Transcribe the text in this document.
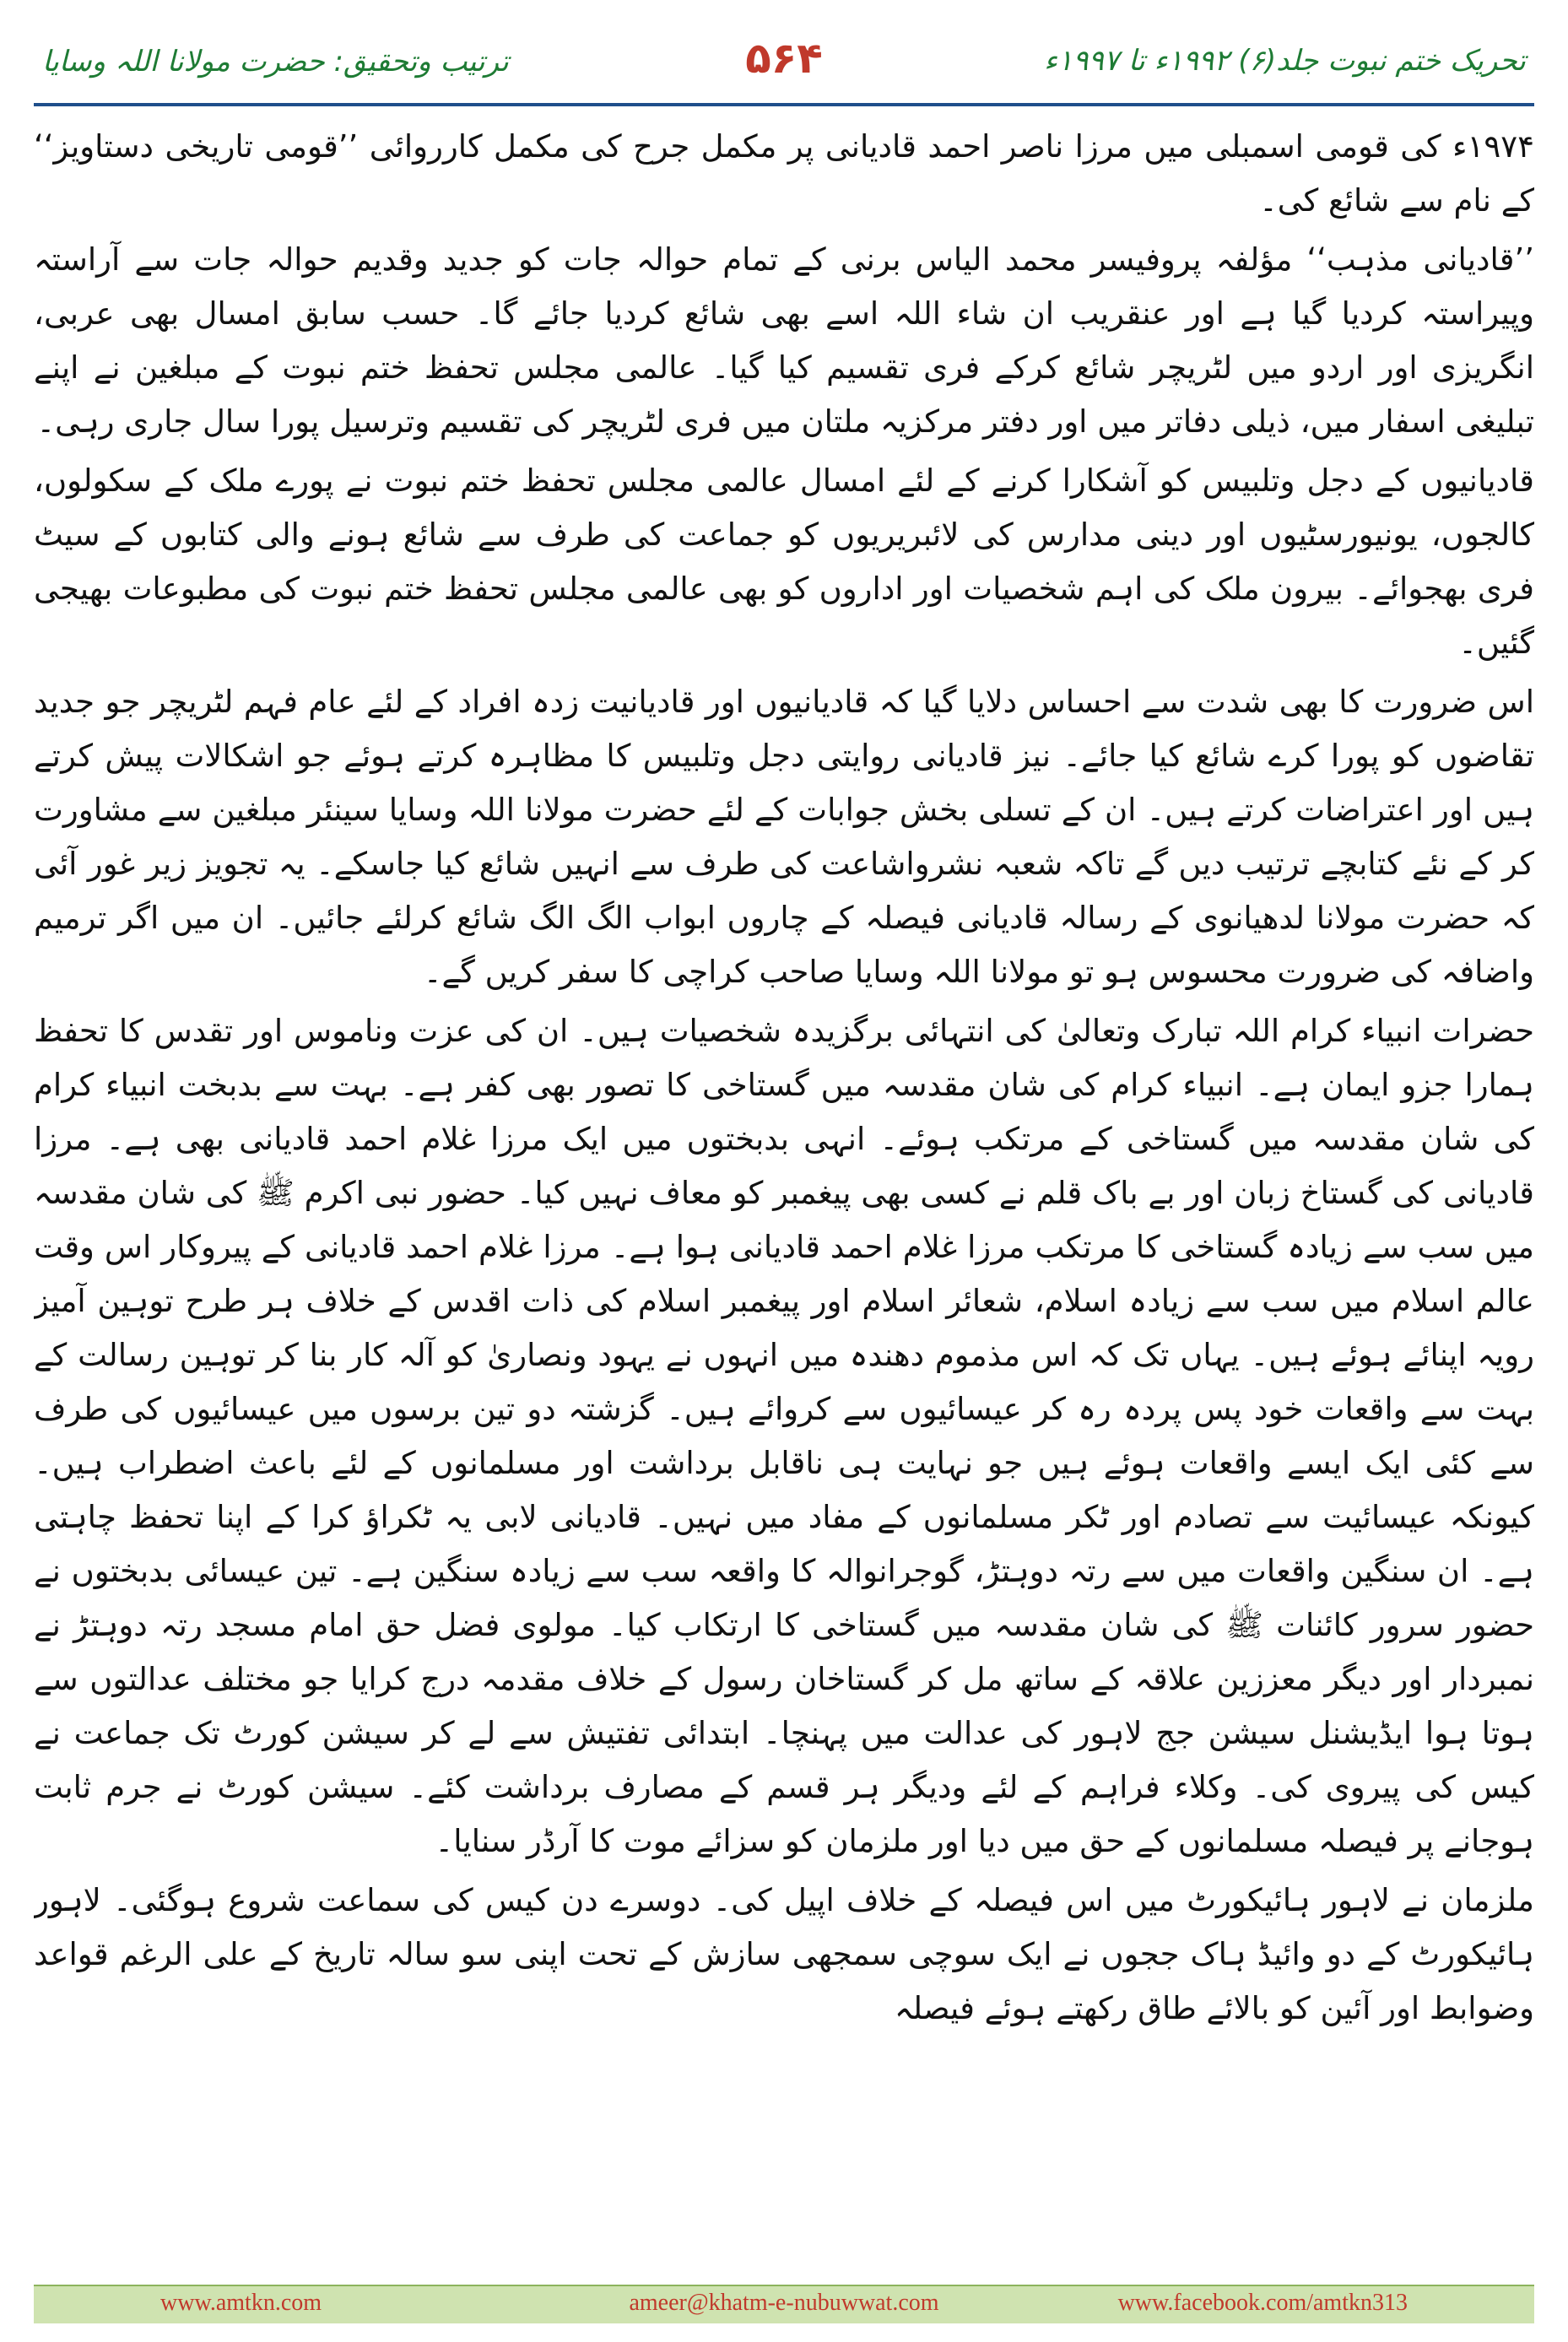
ترتیب وتحقیق: حضرت مولانا اللہ وسایا	۵۶۴	تحریک ختم نبوت جلد(۶) ۱۹۹۲ء تا ۱۹۹۷ء

۱۹۷۴ء کی قومی اسمبلی میں مرزا ناصر احمد قادیانی پر مکمل جرح کی مکمل کارروائی ’’قومی تاریخی دستاویز‘‘ کے نام سے شائع کی۔

’’قادیانی مذہب‘‘ مؤلفہ پروفیسر محمد الیاس برنی کے تمام حوالہ جات کو جدید وقدیم حوالہ جات سے آراستہ وپیراستہ کردیا گیا ہے اور عنقریب ان شاء اللہ اسے بھی شائع کردیا جائے گا۔ حسب سابق امسال بھی عربی، انگریزی اور اردو میں لٹریچر شائع کرکے فری تقسیم کیا گیا۔ عالمی مجلس تحفظ ختم نبوت کے مبلغین نے اپنے تبلیغی اسفار میں، ذیلی دفاتر میں اور دفتر مرکزیہ ملتان میں فری لٹریچر کی تقسیم وترسیل پورا سال جاری رہی۔

قادیانیوں کے دجل وتلبیس کو آشکارا کرنے کے لئے امسال عالمی مجلس تحفظ ختم نبوت نے پورے ملک کے سکولوں، کالجوں، یونیورسٹیوں اور دینی مدارس کی لائبریریوں کو جماعت کی طرف سے شائع ہونے والی کتابوں کے سیٹ فری بھجوائے۔ بیرون ملک کی اہم شخصیات اور اداروں کو بھی عالمی مجلس تحفظ ختم نبوت کی مطبوعات بھیجی گئیں۔

اس ضرورت کا بھی شدت سے احساس دلایا گیا کہ قادیانیوں اور قادیانیت زدہ افراد کے لئے عام فہم لٹریچر جو جدید تقاضوں کو پورا کرے شائع کیا جائے۔ نیز قادیانی روایتی دجل وتلبیس کا مظاہرہ کرتے ہوئے جو اشکالات پیش کرتے ہیں اور اعتراضات کرتے ہیں۔ ان کے تسلی بخش جوابات کے لئے حضرت مولانا اللہ وسایا سینئر مبلغین سے مشاورت کر کے نئے کتابچے ترتیب دیں گے تاکہ شعبہ نشرواشاعت کی طرف سے انہیں شائع کیا جاسکے۔ یہ تجویز زیر غور آئی کہ حضرت مولانا لدھیانوی کے رسالہ قادیانی فیصلہ کے چاروں ابواب الگ الگ شائع کرلئے جائیں۔ ان میں اگر ترمیم واضافہ کی ضرورت محسوس ہو تو مولانا اللہ وسایا صاحب کراچی کا سفر کریں گے۔

حضرات انبیاء کرام اللہ تبارک وتعالیٰ کی انتہائی برگزیدہ شخصیات ہیں۔ ان کی عزت وناموس اور تقدس کا تحفظ ہمارا جزو ایمان ہے۔ انبیاء کرام کی شان مقدسہ میں گستاخی کا تصور بھی کفر ہے۔ بہت سے بدبخت انبیاء کرام کی شان مقدسہ میں گستاخی کے مرتکب ہوئے۔ انہی بدبختوں میں ایک مرزا غلام احمد قادیانی بھی ہے۔ مرزا قادیانی کی گستاخ زبان اور بے باک قلم نے کسی بھی پیغمبر کو معاف نہیں کیا۔ حضور نبی اکرم ﷺ کی شان مقدسہ میں سب سے زیادہ گستاخی کا مرتکب مرزا غلام احمد قادیانی ہوا ہے۔ مرزا غلام احمد قادیانی کے پیروکار اس وقت عالم اسلام میں سب سے زیادہ اسلام، شعائر اسلام اور پیغمبر اسلام کی ذات اقدس کے خلاف ہر طرح توہین آمیز رویہ اپنائے ہوئے ہیں۔ یہاں تک کہ اس مذموم دھندہ میں انہوں نے یہود ونصاریٰ کو آلہ کار بنا کر توہین رسالت کے بہت سے واقعات خود پس پردہ رہ کر عیسائیوں سے کروائے ہیں۔ گزشتہ دو تین برسوں میں عیسائیوں کی طرف سے کئی ایک ایسے واقعات ہوئے ہیں جو نہایت ہی ناقابل برداشت اور مسلمانوں کے لئے باعث اضطراب ہیں۔ کیونکہ عیسائیت سے تصادم اور ٹکر مسلمانوں کے مفاد میں نہیں۔ قادیانی لابی یہ ٹکراؤ کرا کے اپنا تحفظ چاہتی ہے۔ ان سنگین واقعات میں سے رتہ دوہتڑ، گوجرانوالہ کا واقعہ سب سے زیادہ سنگین ہے۔ تین عیسائی بدبختوں نے حضور سرور کائنات ﷺ کی شان مقدسہ میں گستاخی کا ارتکاب کیا۔ مولوی فضل حق امام مسجد رتہ دوہتڑ نے نمبردار اور دیگر معززین علاقہ کے ساتھ مل کر گستاخان رسول کے خلاف مقدمہ درج کرایا جو مختلف عدالتوں سے ہوتا ہوا ایڈیشنل سیشن جج لاہور کی عدالت میں پہنچا۔ ابتدائی تفتیش سے لے کر سیشن کورٹ تک جماعت نے کیس کی پیروی کی۔ وکلاء فراہم کے لئے ودیگر ہر قسم کے مصارف برداشت کئے۔ سیشن کورٹ نے جرم ثابت ہوجانے پر فیصلہ مسلمانوں کے حق میں دیا اور ملزمان کو سزائے موت کا آرڈر سنایا۔

ملزمان نے لاہور ہائیکورٹ میں اس فیصلہ کے خلاف اپیل کی۔ دوسرے دن کیس کی سماعت شروع ہوگئی۔ لاہور ہائیکورٹ کے دو وائیڈ ہاک ججوں نے ایک سوچی سمجھی سازش کے تحت اپنی سو سالہ تاریخ کے علی الرغم قواعد وضوابط اور آئین کو بالائے طاق رکھتے ہوئے فیصلہ

www.amtkn.com	ameer@khatm-e-nubuwwat.com	www.facebook.com/amtkn313
